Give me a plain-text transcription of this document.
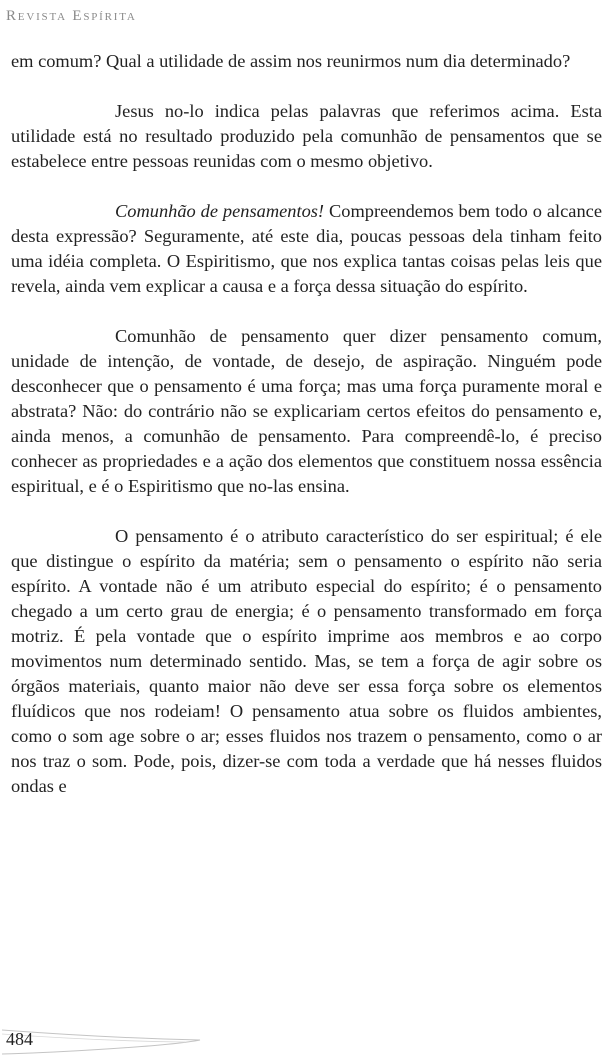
Revista Espírita

em comum? Qual a utilidade de assim nos reunirmos num dia determinado?

Jesus no-lo indica pelas palavras que referimos acima. Esta utilidade está no resultado produzido pela comunhão de pensamentos que se estabelece entre pessoas reunidas com o mesmo objetivo.

Comunhão de pensamentos! Compreendemos bem todo o alcance desta expressão? Seguramente, até este dia, poucas pessoas dela tinham feito uma idéia completa. O Espiritismo, que nos explica tantas coisas pelas leis que revela, ainda vem explicar a causa e a força dessa situação do espírito.

Comunhão de pensamento quer dizer pensamento comum, unidade de intenção, de vontade, de desejo, de aspiração. Ninguém pode desconhecer que o pensamento é uma força; mas uma força puramente moral e abstrata? Não: do contrário não se explicariam certos efeitos do pensamento e, ainda menos, a comunhão de pensamento. Para compreendê-lo, é preciso conhecer as propriedades e a ação dos elementos que constituem nossa essência espiritual, e é o Espiritismo que no-las ensina.

O pensamento é o atributo característico do ser espiritual; é ele que distingue o espírito da matéria; sem o pensamento o espírito não seria espírito. A vontade não é um atributo especial do espírito; é o pensamento chegado a um certo grau de energia; é o pensamento transformado em força motriz. É pela vontade que o espírito imprime aos membros e ao corpo movimentos num determinado sentido. Mas, se tem a força de agir sobre os órgãos materiais, quanto maior não deve ser essa força sobre os elementos fluídicos que nos rodeiam! O pensamento atua sobre os fluidos ambientes, como o som age sobre o ar; esses fluidos nos trazem o pensamento, como o ar nos traz o som. Pode, pois, dizer-se com toda a verdade que há nesses fluidos ondas e

484
